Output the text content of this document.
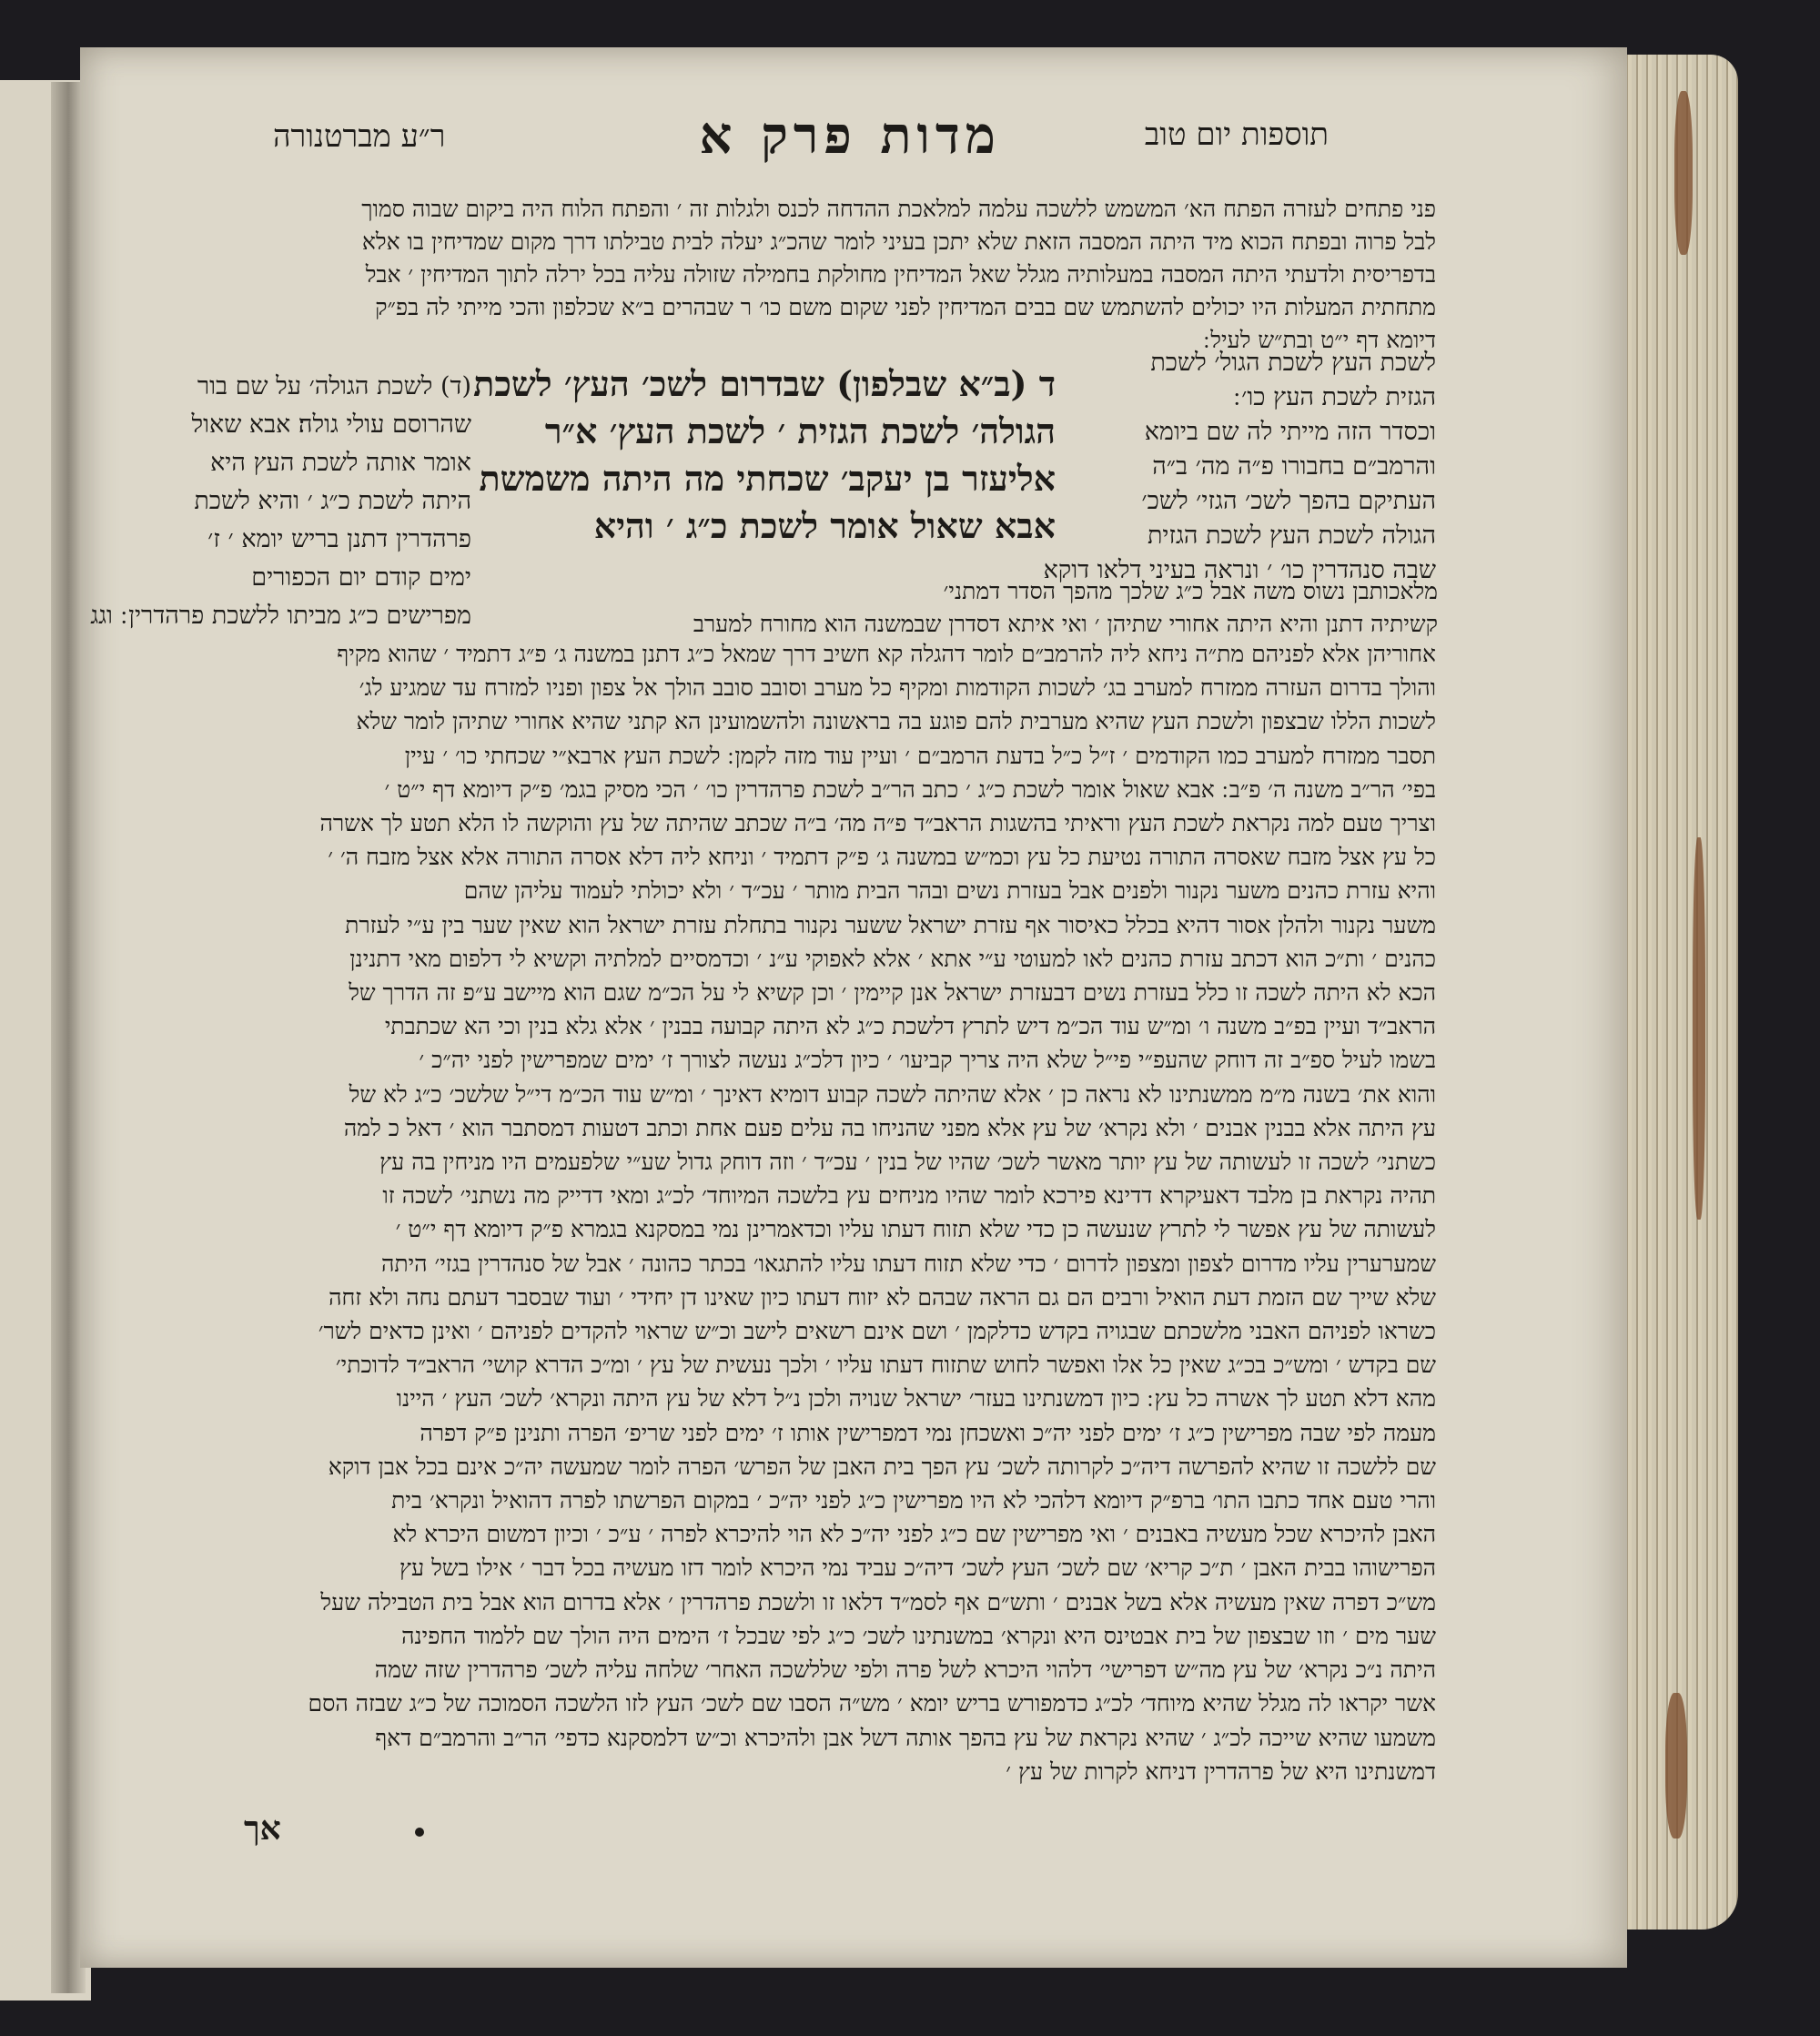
תוספות יום טוב
מדות פרק א
ר״ע מברטנורה

פני פתחים לעזרה הפתח הא׳ המשמש ללשכה עלמה למלאכת ההדחה לכנס ולגלות זה ׳ והפתח הלוח היה ביקום שבוה סמוך

לבל פרוה ובפתח הכוא מיד היתה המסבה הזאת שלא יתכן בעיני לומר שהכ״ג יעלה לבית טבילתו דרך מקום שמדיחין בו אלא

בדפריסית ולדעתי היתה המסבה במעלותיה מגלל שאל המדיחין מחולקת בחמילה שזולה עליה בכל ירלה לתוך המדיחין ׳ אבל

מתחתית המעלות היו יכולים להשתמש שם בבים המדיחין לפני שקום משם כו׳ ר שבהרים ב״א שכלפון והכי מייתי לה בפ״ק

דיומא דף י״ט ובת״ש לעיל ׃

לשכת העץ לשכת הגול׳ לשכת

הגזית לשכת העץ כו׳ ׃

וכסדר הזה מייתי לה שם ביומא

והרמב״ם בחבורו פ״ה מה׳ ב״ה

העתיקם בהפך לשכ׳ הגזי׳ לשכ׳

הגולה לשכת העץ לשכת הגזית

שבה סנהדרין כו׳ ׳ ונראה בעיני דלאו דוקא

ד (ב״א שבלפון) שבדרום לשכ׳ העץ׳ לשכת

הגולה׳ לשכת הגזית ׳ לשכת העץ׳ א״ר

אליעזר בן יעקב׳ שכחתי מה היתה משמשת

אבא שאול אומר לשכת כ״ג ׳ והיא

(ד) לשכת הגולה׳ על שם בור

שהרוסם עולי גולה׃ אבא שאול

אומר אותה לשכת העץ היא

היתה לשכת כ״ג ׳ והיא לשכת

פרהדרין דתנן בריש יומא ׳ ז׳

ימים קודם יום הכפורים

מפרישים כ״ג מביתו ללשכת פרהדרין ׃ וגג

מלאכותבן נשוס משה אבל כ״ג שלכך מהפך הסדר דמתני׳

קשיתיה דתנן והיא היתה אחורי שתיהן ׳ ואי איתא דסדרן שבמשנה הוא מחורח למערב

אחוריהן אלא לפניהם מת״ה ניחא ליה להרמב״ם לומר דהגלה קא חשיב דרך שמאל כ״ג דתנן במשנה ג׳ פ״ג דתמיד ׳ שהוא מקיף

והולך בדרום העזרה ממזרח למערב בג׳ לשכות הקודמות ומקיף כל מערב וסובב סובב הולך אל צפון ופניו למזרח עד שמגיע לג׳

לשכות הללו שבצפון ולשכת העץ שהיא מערבית להם פוגע בה בראשונה ולהשמועינן הא קתני שהיא אחורי שתיהן לומר שלא

תסבר ממזרח למערב כמו הקודמים ׳ ז״ל כ״ל בדעת הרמב״ם ׳ ועיין עוד מזה לקמן ׃ לשכת העץ ארבא״י שכחתי כו׳ ׳ עיין

בפי׳ הר״ב משנה ה׳ פ״ב ׃ אבא שאול אומר לשכת כ״ג ׳ כתב הר״ב לשכת פרהדרין כו׳ ׳ הכי מסיק בגמ׳ פ״ק דיומא דף י״ט ׳

וצריך טעם למה נקראת לשכת העץ וראיתי בהשגות הראב״ד פ״ה מה׳ ב״ה שכתב שהיתה של עץ והוקשה לו הלא תטע לך אשרה

כל עץ אצל מזבח שאסרה התורה נטיעת כל עץ וכמ״ש במשנה ג׳ פ״ק דתמיד ׳ וניחא ליה דלא אסרה התורה אלא אצל מזבח ה׳ ׳

והיא עזרת כהנים משער נקנור ולפנים אבל בעזרת נשים ובהר הבית מותר ׳ עכ״ד ׳ ולא יכולתי לעמוד עליהן שהם

משער נקנור ולהלן אסור דהיא בכלל כאיסור אף עזרת ישראל ששער נקנור בתחלת עזרת ישראל הוא שאין שער בין ע״י לעזרת

כהנים ׳ ות״כ הוא דכתב עזרת כהנים לאו למעוטי ע״י אתא ׳ אלא לאפוקי ע״נ ׳ וכדמסיים למלתיה וקשיא לי דלפום מאי דתנינן

הכא לא היתה לשכה זו כלל בעזרת נשים דבעזרת ישראל אנן קיימין ׳ וכן קשיא לי על הכ״מ שגם הוא מיישב ע״פ זה הדרך של

הראב״ד ועיין בפ״ב משנה ו׳ ומ״ש עוד הכ״מ דיש לתרץ דלשכת כ״ג לא היתה קבועה בבנין ׳ אלא גלא בנין וכי הא שכתבתי

בשמו לעיל ספ״ב זה דוחק שהעפ״י פי״ל שלא היה צריך קביעו׳ ׳ כיון דלכ״ג נעשה לצורך ז׳ ימים שמפרישין לפני יה״כ ׳

והוא את׳ בשנה מ״מ ממשנתינו לא נראה כן ׳ אלא שהיתה לשכה קבוע דומיא דאינך ׳ ומ״ש עוד הכ״מ די״ל שלשכ׳ כ״ג לא של

עץ היתה אלא בבנין אבנים ׳ ולא נקרא׳ של עץ אלא מפני שהניחו בה עלים פעם אחת וכתב דטעות דמסתבר הוא ׳ דאל כ למה

כשתני׳ לשכה זו לעשותה של עץ יותר מאשר לשכ׳ שהיו של בנין ׳ עכ״ד ׳ וזה דוחק גדול שע״י שלפעמים היו מניחין בה עץ

תהיה נקראת בן מלבד דאעיקרא דדינא פירכא לומר שהיו מניחים עץ בלשכה המיוחד׳ לכ״ג ומאי דדייק מה נשתני׳ לשכה זו

לעשותה של עץ אפשר לי לתרץ שנעשה כן כדי שלא תזוח דעתו עליו וכדאמרינן נמי במסקנא בגמרא פ״ק דיומא דף י״ט ׳

שמערערין עליו מדרום לצפון ומצפון לדרום ׳ כדי שלא תזוח דעתו עליו להתגאו׳ בכתר כהונה ׳ אבל של סנהדרין בגזי׳ היתה

שלא שייך שם הזמת דעת הואיל ורבים הם גם הראה שבהם לא יזוח דעתו כיון שאינו דן יחידי ׳ ועוד שבסבר דעתם נחה ולא זחה

כשראו לפניהם האבני מלשכתם שבגויה בקדש כדלקמן ׳ ושם אינם רשאים לישב וכ״ש שראוי להקדים לפניהם ׳ ואינן כדאים לשר׳

שם בקדש ׳ ומש״כ בכ״ג שאין כל אלו ואפשר לחוש שתזוח דעתו עליו ׳ ולכך נעשית של עץ ׳ ומ״כ הדרא קושי׳ הראב״ד לדוכתי׳

מהא דלא תטע לך אשרה כל עץ ׃ כיון דמשנתינו בעזר׳ ישראל שנויה ולכן נ״ל דלא של עץ היתה ונקרא׳ לשכ׳ העץ ׳ היינו

מעמה לפי שבה מפרישין כ״ג ז׳ ימים לפני יה״כ ואשכחן נמי דמפרישין אותו ז׳ ימים לפני שריפ׳ הפרה ותנינן פ״ק דפרה

שם ללשכה זו שהיא להפרשה דיה״כ לקרותה לשכ׳ עץ הפך בית האבן של הפרש׳ הפרה לומר שמעשה יה״כ אינם בכל אבן דוקא

והרי טעם אחד כתבו התו׳ ברפ״ק דיומא דלהכי לא היו מפרישין כ״ג לפני יה״כ ׳ במקום הפרשתו לפרה דהואיל ונקרא׳ בית

האבן להיכרא שכל מעשיה באבנים ׳ ואי מפרישין שם כ״ג לפני יה״כ לא הוי להיכרא לפרה ׳ ע״כ ׳ וכיון דמשום היכרא לא

הפרישוהו בבית האבן ׳ ת״כ קריא׳ שם לשכ׳ העץ לשכ׳ דיה״כ עביד נמי היכרא לומר דזו מעשיה בכל דבר ׳ אילו בשל עץ

מש״כ דפרה שאין מעשיה אלא בשל אבנים ׳ ותש״ם אף לסמ״ד דלאו זו ולשכת פרהדרין ׳ אלא בדרום הוא אבל בית הטבילה שעל

שער מים ׳ וזו שבצפון של בית אבטינס היא ונקרא׳ במשנתינו לשכ׳ כ״ג לפי שבכל ז׳ הימים היה הולך שם ללמוד החפינה

היתה נ״כ נקרא׳ של עץ מה״ש דפרישי׳ דלהוי היכרא לשל פרה ולפי שללשכה האחר׳ שלחה עליה לשכ׳ פרהדרין שזה שמה

אשר יקראו לה מגלל שהיא מיוחד׳ לכ״ג כדמפורש בריש יומא ׳ מש״ה הסבו שם לשכ׳ העץ לזו הלשכה הסמוכה של כ״ג שבזה הסם

משמעו שהיא שייכה לכ״ג ׳ שהיא נקראת של עץ בהפך אותה דשל אבן ולהיכרא וכ״ש דלמסקנא כדפי׳ הר״ב והרמב״ם דאף

דמשנתינו היא של פרהדרין דניחא לקרות של עץ ׳

אך
